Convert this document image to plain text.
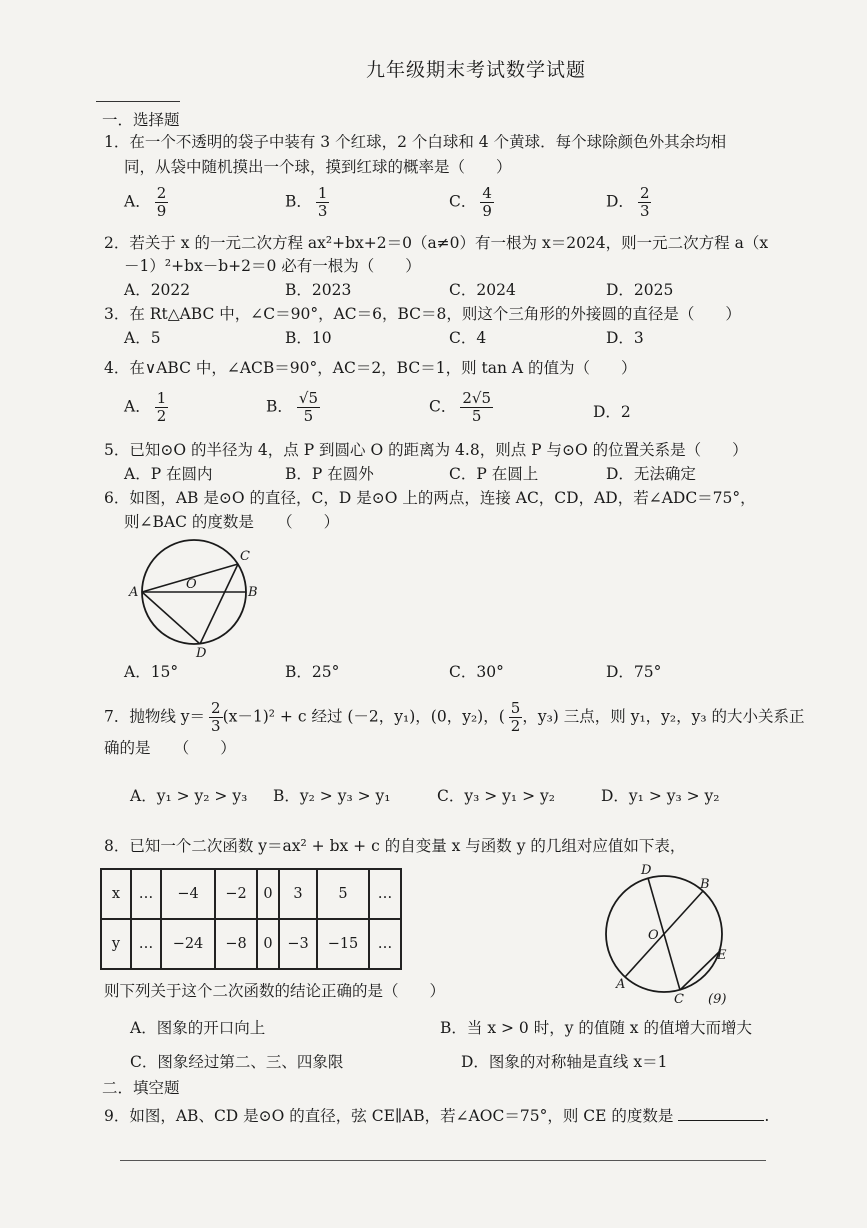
九年级期末考试数学试题
一．选择题
1．在一个不透明的袋子中装有 3 个红球，2 个白球和 4 个黄球．每个球除颜色外其余均相
同，从袋中随机摸出一个球，摸到红球的概率是（　　）
A． $\frac{2}{9}$	B． $\frac{1}{3}$	C． $\frac{4}{9}$	D． $\frac{2}{3}$
2．若关于 x 的一元二次方程 ax²+bx+2＝0（a≠0）有一根为 x＝2024，则一元二次方程 a（x
－1）²+bx－b+2＝0 必有一根为（　　）
A．2022	B．2023	C．2024	D．2025
3．在 Rt△ABC 中，∠C＝90°，AC＝6，BC＝8，则这个三角形的外接圆的直径是（　　）
A．5	B．10	C．4	D．3
4．在∨ABC 中，∠ACB＝90°，AC＝2，BC＝1，则 tan A 的值为（　　）
A． $\frac{1}{2}$	B． $\frac{√5}{5}$	C． $\frac{2√5}{5}$	D．2
5．已知⊙O 的半径为 4，点 P 到圆心 O 的距离为 4.8，则点 P 与⊙O 的位置关系是（　　）
A．P 在圆内	B．P 在圆外	C．P 在圆上	D．无法确定
6．如图，AB 是⊙O 的直径，C，D 是⊙O 上的两点，连接 AC，CD，AD，若∠ADC＝75°，
则∠BAC 的度数是　　（　　）
A	B
C
D
O
A．15°	B．25°	C．30°	D．75°
7．抛物线 $y= \frac{2}{3} (x-1)^2 + c$ 经过 (－2，y₁)，(0，y₂)，( $\frac{5}{2}$ ，y₃) 三点，则 y₁，y₂，y₃ 的大小关系正
确的是　　（　　）
A．y₁ > y₂ > y₃ B．y₂ > y₃ > y₁	C．y₃ > y₁ > y₂	D．y₁ > y₃ > y₂
8．已知一个二次函数 y＝ax² + bx + c 的自变量 x 与函数 y 的几组对应值如下表，
x	…	−4	−2	0	3	5	…
y	…	−24	−8	0	−3	−15	…
A
B
C
D
E
O
(9)
则下列关于这个二次函数的结论正确的是（　　）
A．图象的开口向上	B．当 x > 0 时，y 的值随 x 的值增大而增大
C．图象经过第二、三、四象限	D．图象的对称轴是直线 x＝1
二．填空题
9．如图，AB、CD 是⊙O 的直径，弦 CE∥AB，若∠AOC＝75°，则 CE 的度数是	.
